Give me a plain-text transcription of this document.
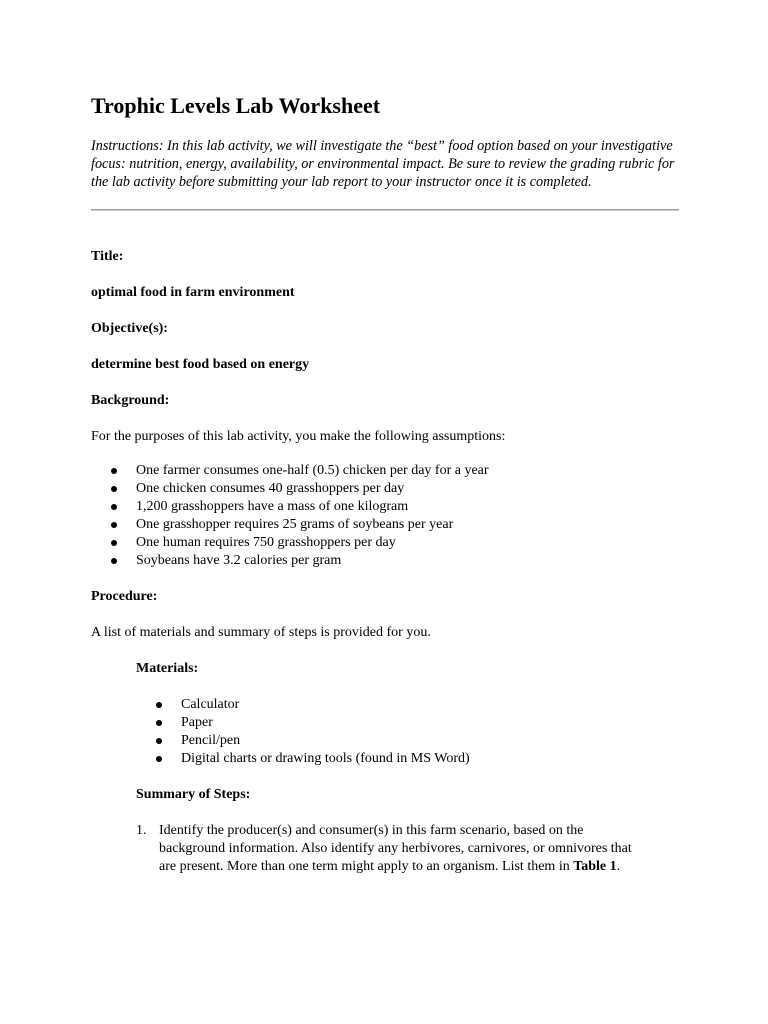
Trophic Levels Lab Worksheet

Instructions: In this lab activity, we will investigate the “best” food option based on your investigative focus: nutrition, energy, availability, or environmental impact. Be sure to review the grading rubric for the lab activity before submitting your lab report to your instructor once it is completed.

Title:

optimal food in farm environment

Objective(s):

determine best food based on energy

Background:

For the purposes of this lab activity, you make the following assumptions:

One farmer consumes one-half (0.5) chicken per day for a year
One chicken consumes 40 grasshoppers per day
1,200 grasshoppers have a mass of one kilogram
One grasshopper requires 25 grams of soybeans per year
One human requires 750 grasshoppers per day
Soybeans have 3.2 calories per gram

Procedure:

A list of materials and summary of steps is provided for you.

Materials:

Calculator
Paper
Pencil/pen
Digital charts or drawing tools (found in MS Word)

Summary of Steps:

1. Identify the producer(s) and consumer(s) in this farm scenario, based on the background information. Also identify any herbivores, carnivores, or omnivores that are present. More than one term might apply to an organism. List them in Table 1.
